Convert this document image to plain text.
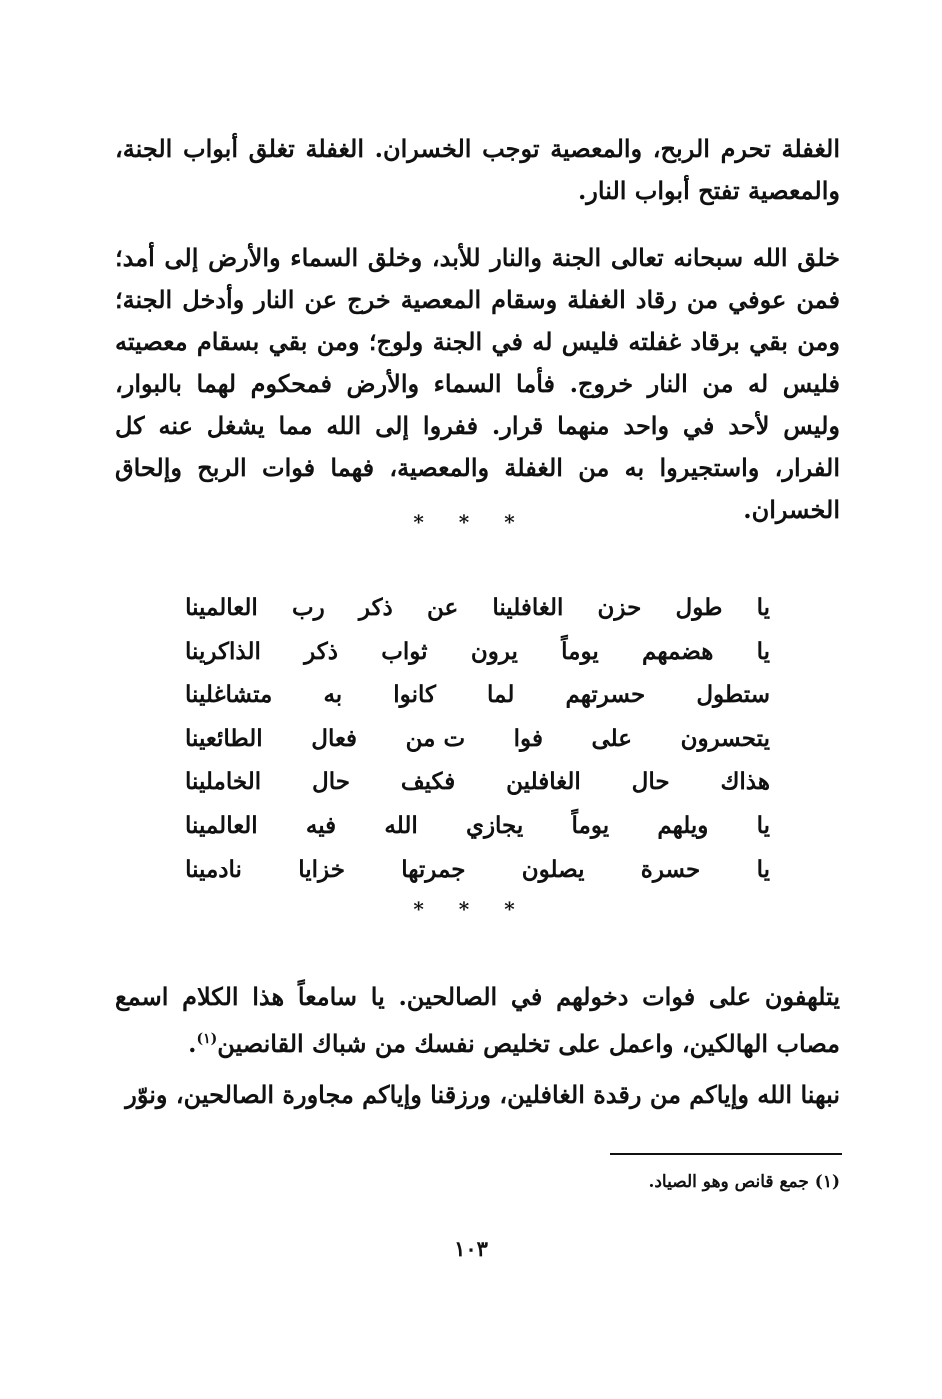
الغفلة تحرم الربح، والمعصية توجب الخسران. الغفلة تغلق أبواب الجنة، والمعصية تفتح أبواب النار.

خلق الله سبحانه تعالى الجنة والنار للأبد، وخلق السماء والأرض إلى أمد؛ فمن عوفي من رقاد الغفلة وسقام المعصية خرج عن النار وأدخل الجنة؛ ومن بقي برقاد غفلته فليس له في الجنة ولوج؛ ومن بقي بسقام معصيته فليس له من النار خروج. فأما السماء والأرض فمحكوم لهما بالبوار، وليس لأحد في واحد منهما قرار. ففروا إلى الله مما يشغل عنه كل الفرار، واستجيروا به من الغفلة والمعصية، فهما فوات الربح وإلحاق الخسران.

* * *
يا
طول
حزن
الغافلينا
عن
ذكر
رب
العالمينا
يا
هضمهم
يوماً
يرون
ثواب
ذكر
الذاكرينا
ستطول
حسرتهم
لما
كانوا
به
متشاغلينا
يتحسرون
على
فوا
ت من
فعال
الطائعينا
هذاك
حال
الغافلين
فكيف
حال
الخاملينا
يا
ويلهم
يوماً
يجازي
الله
فيه
العالمينا
يا
حسرة
يصلون
جمرتها
خزايا
نادمينا
* * *

يتلهفون على فوات دخولهم في الصالحين. يا سامعاً هذا الكلام اسمع مصاب الهالكين، واعمل على تخليص نفسك من شباك القانصين$^{(١)}$.

نبهنا الله وإياكم من رقدة الغافلين، ورزقنا وإياكم مجاورة الصالحين، ونوّر

(١) جمع قانص وهو الصياد.

١٠٣
